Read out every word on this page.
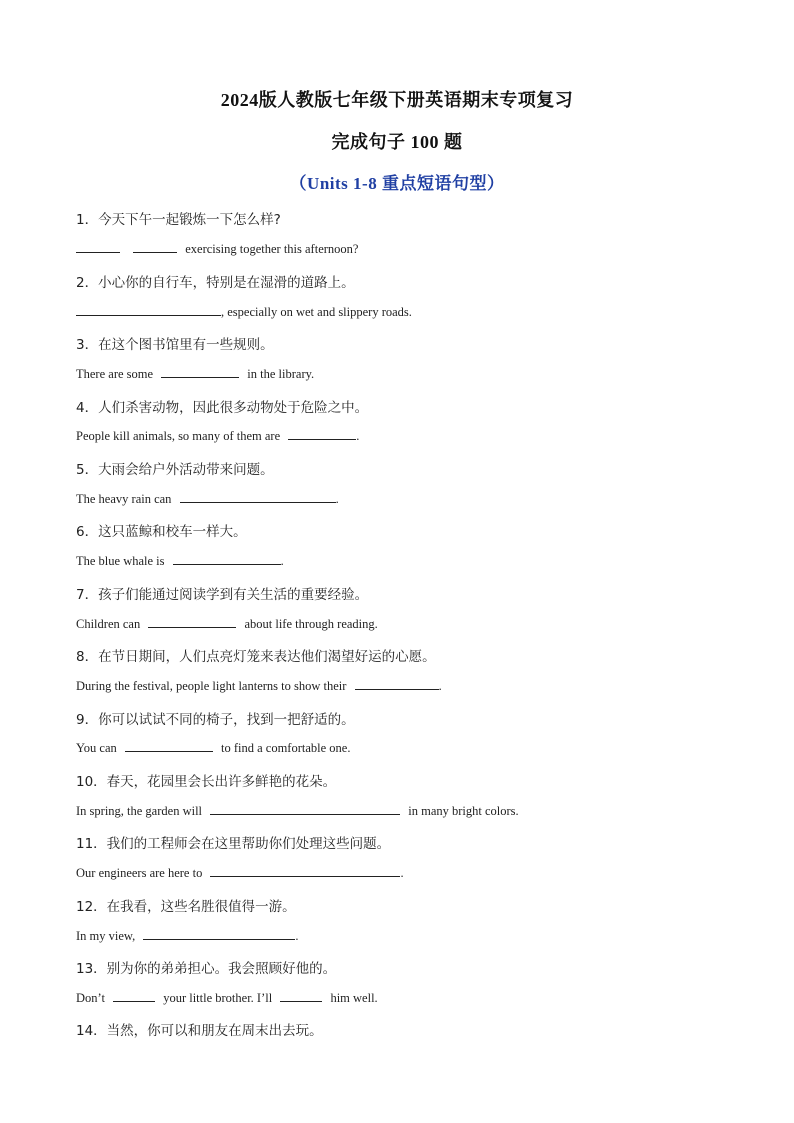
2024版人教版七年级下册英语期末专项复习
完成句子 100 题
（Units 1-8 重点短语句型）
1．今天下午一起锻炼一下怎么样?
exercising together this afternoon?
2．小心你的自行车，特别是在湿滑的道路上。
, especially on wet and slippery roads.
3．在这个图书馆里有一些规则。
There are some	in the library.
4．人们杀害动物，因此很多动物处于危险之中。
People kill animals, so many of them are	.
5．大雨会给户外活动带来问题。
The heavy rain can	.
6．这只蓝鲸和校车一样大。
The blue whale is	.
7．孩子们能通过阅读学到有关生活的重要经验。
Children can	about life through reading.
8．在节日期间，人们点亮灯笼来表达他们渴望好运的心愿。
During the festival, people light lanterns to show their	.
9．你可以试试不同的椅子，找到一把舒适的。
You can	to find a comfortable one.
10．春天，花园里会长出许多鲜艳的花朵。
In spring, the garden will	in many bright colors.
11．我们的工程师会在这里帮助你们处理这些问题。
Our engineers are here to	.
12．在我看，这些名胜很值得一游。
In my view,	.
13．别为你的弟弟担心。我会照顾好他的。
Don’t	your little brother. I’ll	him well.
14．当然，你可以和朋友在周末出去玩。
